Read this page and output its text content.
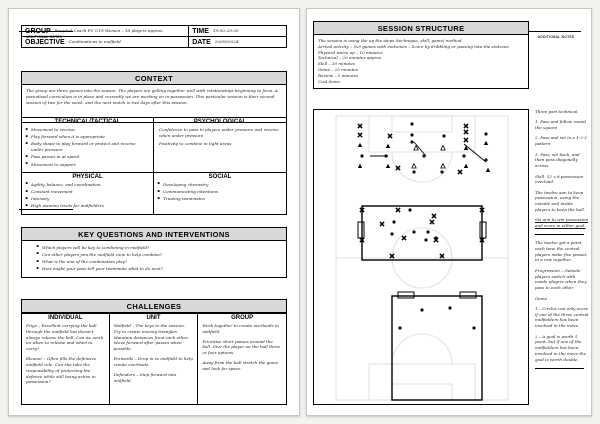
ADDITIONAL NOTES
GROUP Bearded Coach FC U19 Women – 18 players approx.	TIME 19:00–20:30
OBJECTIVE Combinations in midfield	DATE 20/09/2024
CONTEXT
The group are three games into the season. The players are gelling together well with relationships beginning to form. A periodised curriculum is in place and currently we are working on in-possession. This particular session is their second session of two for the week, and the next match is two days after this session.
TECHNICAL/TACTICAL
▪ Movement to receive
▪ Play forward when it is appropriate
▪ Body shape to play forward or protect and receive under pressure
▪ Pass passes in at speed
▪ Movement to support
PSYCHOLOGICAL
Confidence to pass to players under pressure and receive when under pressure
Positivity to combine in tight areas
PHYSICAL
▪ Agility, balance, and coordination
▪ Constant movement
▪ Intensity
▪ High stamina levels for midfielders
SOCIAL
▪ Developing chemistry
▪ Communicating intentions
▪ Trusting teammates
KEY QUESTIONS AND INTERVENTIONS
▪ Which players will be key to combining in midfield?
▪ Can other players join the midfield zone to help combine?
▪ What is the aim of the combination play?
▪ How might your pass tell your teammate what to do next?
CHALLENGES
INDIVIDUAL

Priya – Excellent carrying the ball through the midfield but doesn't always release the ball. Can we work on when to release and when to carry?

Eleanor – Often fills the defensive midfield role. Can she take the responsibility of protecting the defence while still being active in possession?

UNIT

Midfield – The keys to the session. Try to create moving triangles. Maintain distances from each other. Move forward after passes when possible.

Forwards – Drop in to midfield to help create overloads.

Defenders – Step forward into midfield.

GROUP

Work together to create overloads in midfield.

Prioritise short passes around the ball. Give the player on the ball three or four options.

Away from the ball stretch the game and look for space.

ADDITIONAL NOTES
SESSION STRUCTURE
The session is using the up the steps (technique, skill, game) method.
Arrival activity – 5v5 games with endzones – Score by dribbling or passing into the endzone
Physical warm up – 10 minutes
Technical – 20 minutes approx
Skill – 30 minutes
Game – 25 minutes
Review – 5 minutes
Cool down

Three part technical.

1. Pass and follow round the square

2. Pass and set in a 1-2-3 pattern

3. Pass, set back, and then pass diagonally across

Skill. 12 v 8 possession overload.

The twelve aim to keep possession, using the outside and inside players to keep the ball.

Six aim to win possession and score in either goal.

The twelve get a point each time the central players make five passes in a row together.

Progression – Outside players switch with inside players when they pass to each other.

Game

1 – Circles can only score if one of the three central midfielders has been involved in the move.

2 – A goal is worth 1 point, but if one of the midfielders has been involved in the move the goal is worth double.
